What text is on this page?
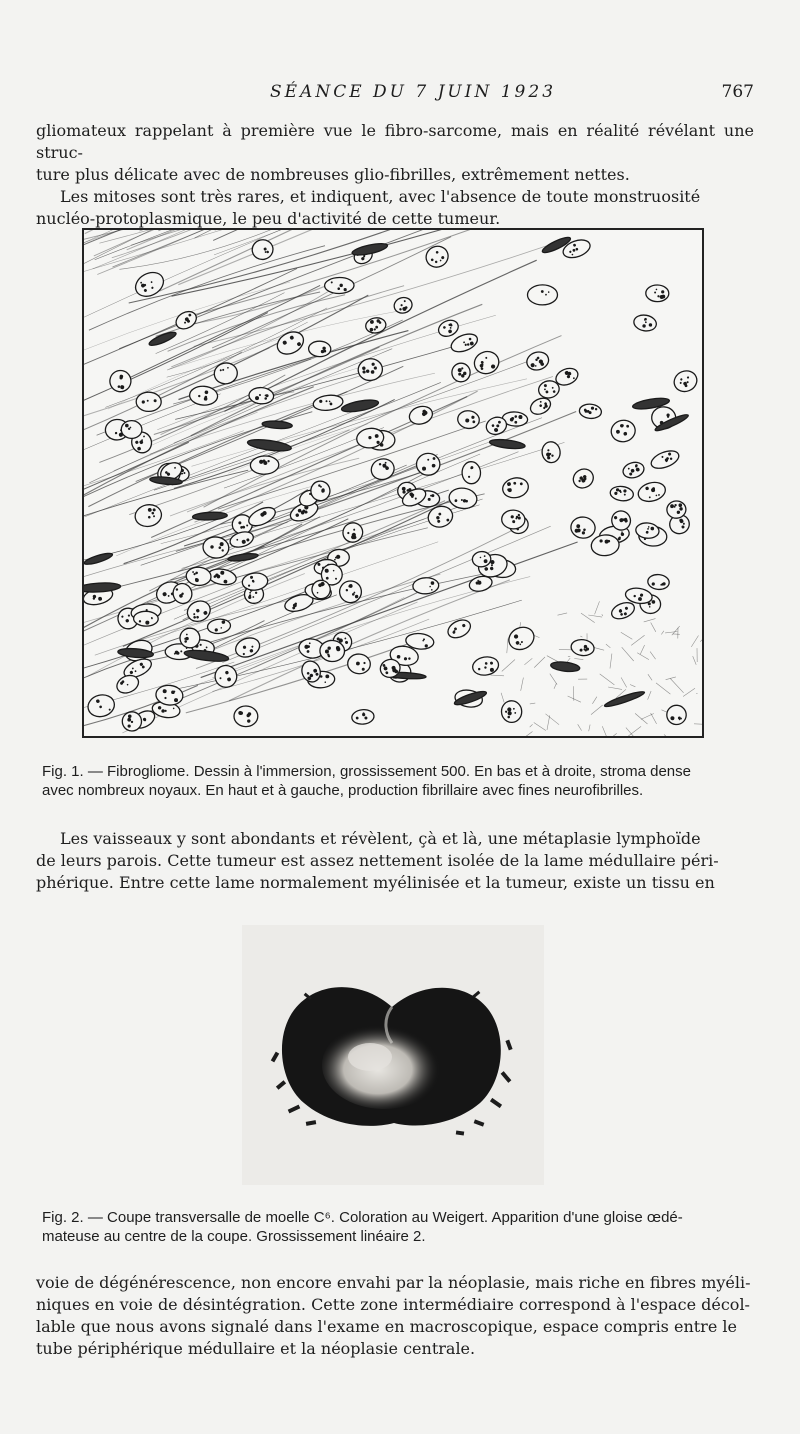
SÉANCE DU 7 JUIN 1923	767

gliomateux rappelant à première vue le fibro-sarcome, mais en réalité révélant une struc-

ture plus délicate avec de nombreuses glio-fibrilles, extrêmement nettes.

Les mitoses sont très rares, et indiquent, avec l'absence de toute monstruosité

nucléo-protoplasmique, le peu d'activité de cette tumeur.

Fig. 1. — Fibrogliome. Dessin à l'immersion, grossissement 500. En bas et à droite, stroma dense

avec nombreux noyaux. En haut et à gauche, production fibrillaire avec fines neurofibrilles.

Les vaisseaux y sont abondants et révèlent, çà et là, une métaplasie lymphoïde

de leurs parois. Cette tumeur est assez nettement isolée de la lame médullaire péri-

phérique. Entre cette lame normalement myélinisée et la tumeur, existe un tissu en

Fig. 2. — Coupe transversalle de moelle C⁶. Coloration au Weigert. Apparition d'une gloise œdé-

mateuse au centre de la coupe. Grossissement linéaire 2.

voie de dégénérescence, non encore envahi par la néoplasie, mais riche en fibres myéli-

niques en voie de désintégration. Cette zone intermédiaire correspond à l'espace décol-

lable que nous avons signalé dans l'exame en macroscopique, espace compris entre le

tube périphérique médullaire et la néoplasie centrale.
